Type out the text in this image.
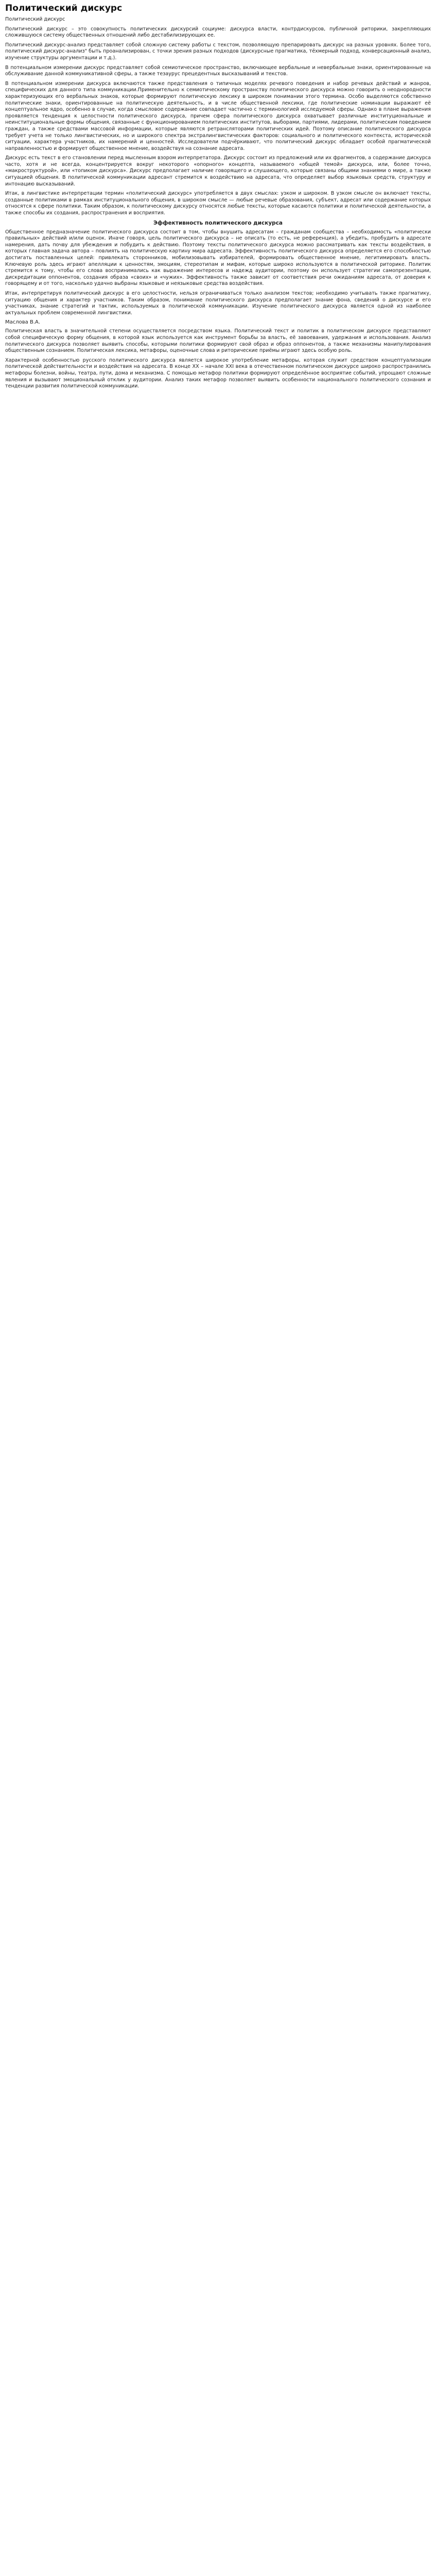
Политический дискурс
Политический дискурс
Политический дискурс – это совокупность политических дискурсий социуме: дискурса власти, контрдискурсов, публичной риторики, закрепляющих сложившуюся систему общественных отношений либо дестабилизирующих ее.
Политический дискурс-анализ представляет собой сложную систему работы с текстом, позволяющую препарировать дискурс на разных уровнях. Более того, политический дискурс-анализ" быть проанализирован, с точки зрения разных подходов (дискурсные прагматика, тёхмерный подход, конверсационный анализ, изучение структуры аргументации и т.д.).
В потенциальном измерении дискурс представляет собой семиотическое пространство, включающее вербальные и невербальные знаки, ориентированные на обслуживание данной коммуникативной сферы, а также тезаурус прецедентных высказываний и текстов.
В потенциальном измерении дискурса включаются также представления о типичных моделях речевого поведения и набор речевых действий и жанров, специфических для данного типа коммуникации.Применительно к семиотическому пространству политического дискурса можно говорить о неоднородности характеризующих его вербальных знаков, которые формируют политическую лексику в широком понимании этого термина. Особо выделяются собственно политические знаки, ориентированные на политическую деятельность, и в числе общественной лексики, где политические номинации выражают её концептуальное ядро, особенно в случае, когда смысловое содержание совпадает частично с терминологией исследуемой сферы. Однако в плане выражения проявляется тенденция к целостности политического дискурса, причем сфера политического дискурса охватывает различные институциональные и неинституциональные формы общения, связанные с функционированием политических институтов, выборами, партиями, лидерами, политическим поведением граждан, а также средствами массовой информации, которые являются ретрансляторами политических идей. Поэтому описание политического дискурса требует учета не только лингвистических, но и широкого спектра экстралингвистических факторов: социального и политического контекста, исторической ситуации, характера участников, их намерений и ценностей. Исследователи подчёркивают, что политический дискурс обладает особой прагматической направленностью и формирует общественное мнение, воздействуя на сознание адресата.
Дискурс есть текст в его становлении перед мысленным взором интерпретатора. Дискурс состоит из предложений или их фрагментов, а содержание дискурса часто, хотя и не всегда, концентрируется вокруг некоторого «опорного» концепта, называемого «общей темой» дискурса, или, более точно, «макроструктурой», или «топиком дискурса». Дискурс предполагает наличие говорящего и слушающего, которые связаны общими знаниями о мире, а также ситуацией общения. В политической коммуникации адресант стремится к воздействию на адресата, что определяет выбор языковых средств, структуру и интонацию высказываний.
Итак, в лингвистике интерпретации термин «политический дискурс» употребляется в двух смыслах: узком и широком. В узком смысле он включает тексты, созданные политиками в рамках институционального общения, в широком смысле — любые речевые образования, субъект, адресат или содержание которых относятся к сфере политики. Таким образом, к политическому дискурсу относятся любые тексты, которые касаются политики и политической деятельности, а также способы их создания, распространения и восприятия.
Эффективность политического дискурса
Общественное предназначение политического дискурса состоит в том, чтобы внушить адресатам – гражданам сообщества – необходимость «политически правильных» действий и/или оценок. Иначе говоря, цель политического дискурса – не описать (то есть, не референция), а убедить, пробудить в адресате намерения, дать почву для убеждения и побудить к действию. Поэтому тексты политического дискурса можно рассматривать как тексты воздействия, в которых главная задача автора – повлиять на политическую картину мира адресата. Эффективность политического дискурса определяется его способностью достигать поставленных целей: привлекать сторонников, мобилизовывать избирателей, формировать общественное мнение, легитимировать власть. Ключевую роль здесь играют апелляции к ценностям, эмоциям, стереотипам и мифам, которые широко используются в политической риторике. Политик стремится к тому, чтобы его слова воспринимались как выражение интересов и надежд аудитории, поэтому он использует стратегии самопрезентации, дискредитации оппонентов, создания образа «своих» и «чужих». Эффективность также зависит от соответствия речи ожиданиям адресата, от доверия к говорящему и от того, насколько удачно выбраны языковые и неязыковые средства воздействия.
Итак, интерпретируя политический дискурс в его целостности, нельзя ограничиваться только анализом текстов; необходимо учитывать также прагматику, ситуацию общения и характер участников. Таким образом, понимание политического дискурса предполагает знание фона, сведений о дискурсе и его участниках, знание стратегий и тактик, используемых в политической коммуникации. Изучение политического дискурса является одной из наиболее актуальных проблем современной лингвистики.
Маслова В.А.
Политическая власть в значительной степени осуществляется посредством языка. Политический текст и политик в политическом дискурсе представляют собой специфическую форму общения, в которой язык используется как инструмент борьбы за власть, её завоевания, удержания и использования. Анализ политического дискурса позволяет выявить способы, которыми политики формируют свой образ и образ оппонентов, а также механизмы манипулирования общественным сознанием. Политическая лексика, метафоры, оценочные слова и риторические приёмы играют здесь особую роль.
Характерной особенностью русского политического дискурса является широкое употребление метафоры, которая служит средством концептуализации политической действительности и воздействия на адресата. В конце XX – начале XXI века в отечественном политическом дискурсе широко распространились метафоры болезни, войны, театра, пути, дома и механизма. С помощью метафор политики формируют определённое восприятие событий, упрощают сложные явления и вызывают эмоциональный отклик у аудитории. Анализ таких метафор позволяет выявить особенности национального политического сознания и тенденции развития политической коммуникации.
